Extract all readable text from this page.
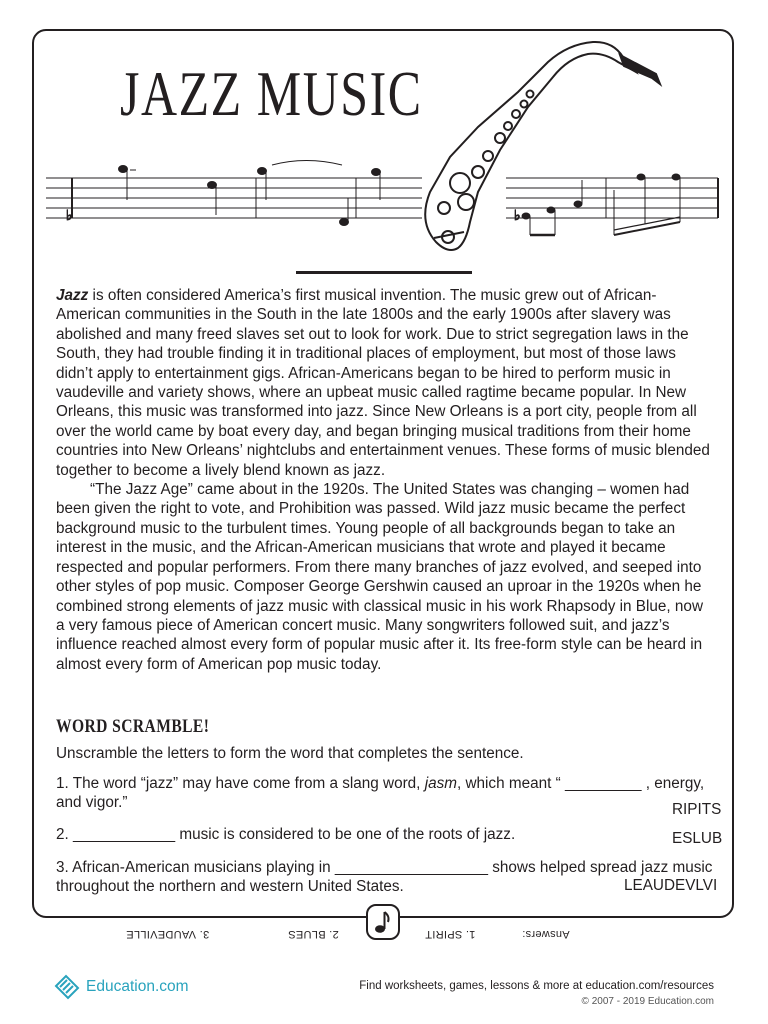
JAZZ MUSIC
♭	♭

Jazz is often considered America’s first musical invention. The music grew out of African-American communities in the South in the late 1800s and the early 1900s after slavery was abolished and many freed slaves set out to look for work. Due to strict segregation laws in the South, they had trouble finding it in traditional places of employment, but most of those laws didn’t apply to entertainment gigs. African-Americans began to be hired to perform music in vaudeville and variety shows, where an upbeat music called ragtime became popular. In New Orleans, this music was transformed into jazz. Since New Orleans is a port city, people from all over the world came by boat every day, and began bringing musical traditions from their home countries into New Orleans’ nightclubs and entertainment venues. These forms of music blended together to become a lively blend known as jazz.

“The Jazz Age” came about in the 1920s. The United States was changing – women had been given the right to vote, and Prohibition was passed. Wild jazz music became the perfect background music to the turbulent times. Young people of all backgrounds began to take an interest in the music, and the African-American musicians that wrote and played it became respected and popular performers. From there many branches of jazz evolved, and seeped into other styles of pop music. Composer George Gershwin caused an uproar in the 1920s when he combined strong elements of jazz music with classical music in his work Rhapsody in Blue, now a very famous piece of American concert music. Many songwriters followed suit, and jazz’s influence reached almost every form of popular music after it. Its free-form style can be heard in almost every form of American pop music today.

WORD SCRAMBLE!
Unscramble the letters to form the word that completes the sentence.
1. The word “jazz” may have come from a slang word, jasm, which meant “ _________ , energy, and vigor.”	RIPITS
2. ____________ music is considered to be one of the roots of jazz.	ESLUB
3. African-American musicians playing in __________________ shows helped spread jazz music throughout the northern and western United States.	LEAUDEVLVI
Answers:
1. SPIRIT
2. BLUES
3. VAUDEVILLE
Education.com	Find worksheets, games, lessons & more at education.com/resources
© 2007 - 2019 Education.com
